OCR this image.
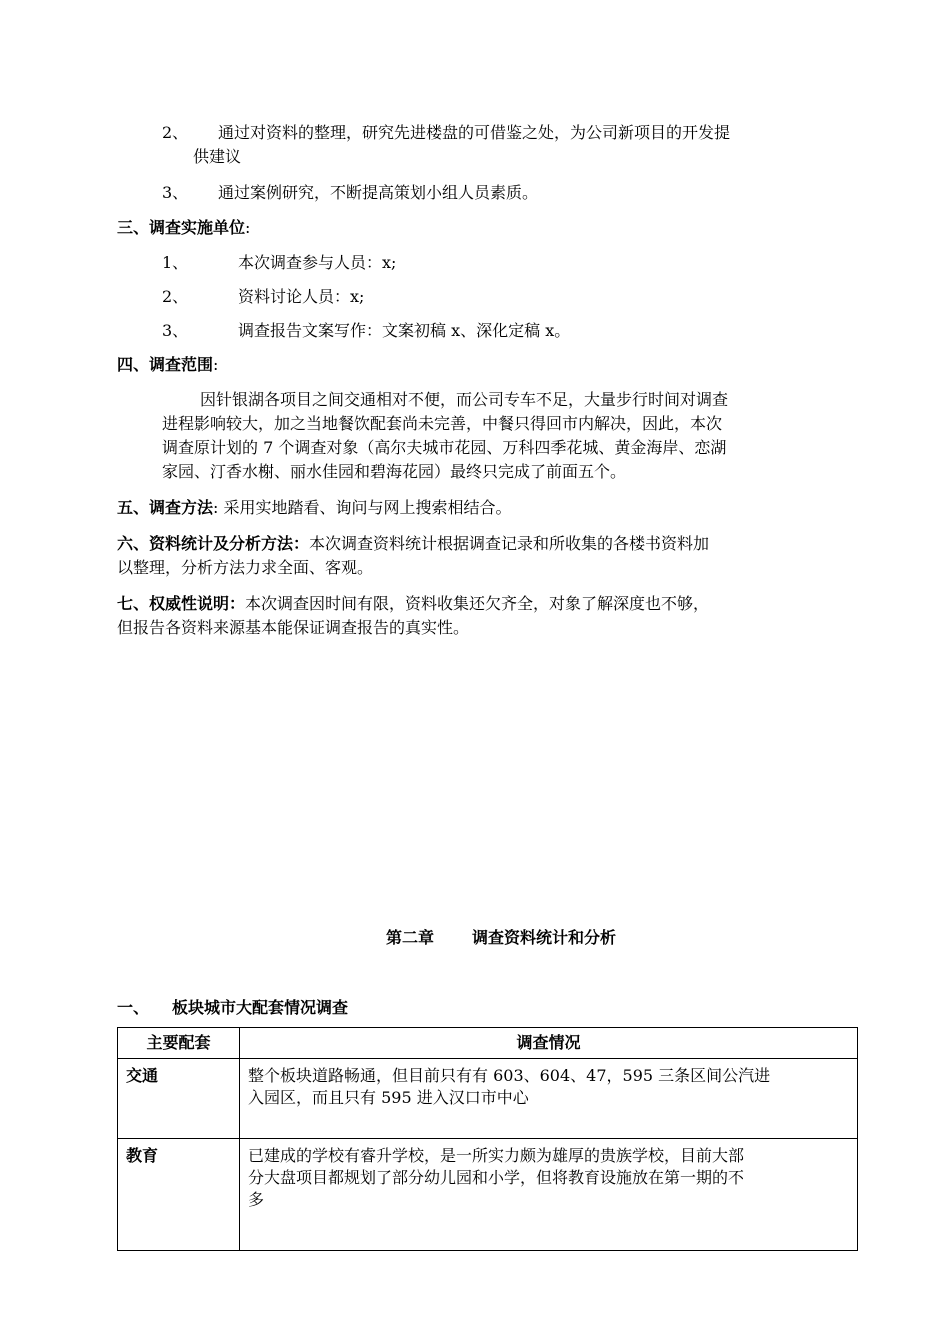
2、 通过对资料的整理，研究先进楼盘的可借鉴之处，为公司新项目的开发提
供建议
3、 通过案例研究，不断提高策划小组人员素质。
三、调查实施单位:
1、	本次调查参与人员：x;
2、	资料讨论人员：x;
3、	调查报告文案写作：文案初稿 x、深化定稿 x。
四、调查范围:
因针银湖各项目之间交通相对不便，而公司专车不足，大量步行时间对调查
进程影响较大，加之当地餐饮配套尚未完善，中餐只得回市内解决，因此，本次
调查原计划的 7 个调查对象（高尔夫城市花园、万科四季花城、黄金海岸、恋湖
家园、汀香水榭、丽水佳园和碧海花园）最终只完成了前面五个。
五、调查方法: 采用实地踏看、询问与网上搜索相结合。
六、资料统计及分析方法：本次调查资料统计根据调查记录和所收集的各楼书资料加
以整理，分析方法力求全面、客观。
七、权威性说明：本次调查因时间有限，资料收集还欠齐全，对象了解深度也不够，
但报告各资料来源基本能保证调查报告的真实性。
第二章 调查资料统计和分析
一、 板块城市大配套情况调查
主要配套	调查情况
交通	整个板块道路畅通，但目前只有有 603、604、47，595 三条区间公汽进
入园区，而且只有 595 进入汉口市中心

教育	已建成的学校有睿升学校，是一所实力颇为雄厚的贵族学校，目前大部
分大盘项目都规划了部分幼儿园和小学，但将教育设施放在第一期的不
多
